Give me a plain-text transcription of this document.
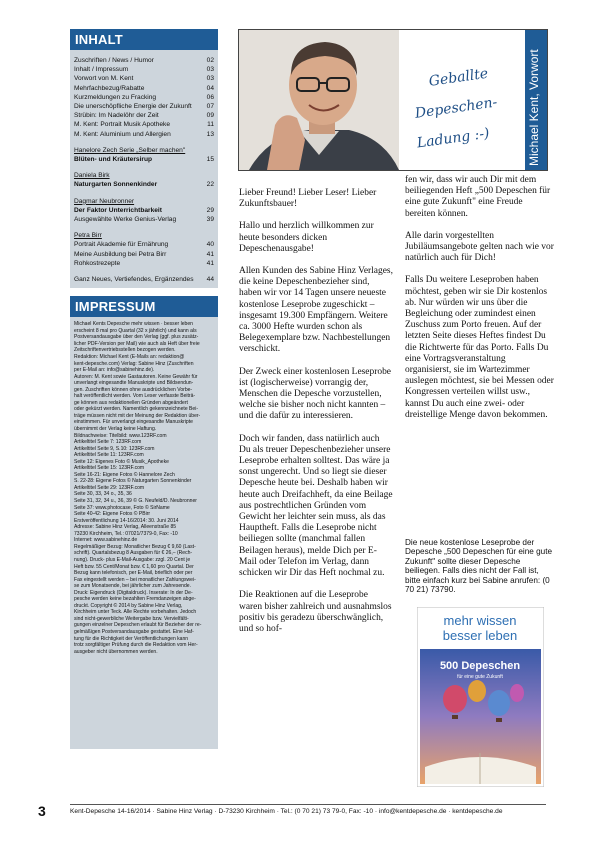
INHALT
Zuschriften / News / Humor	02
Inhalt / Impressum	03
Vorwort von M. Kent	03
Mehrfachbezug/Rabatte	04
Kurzmeldungen zu Fracking	06
Die unerschöpfliche Energie der Zukunft 07
Strübin: Im Nadelöhr der Zeit	09
M. Kent: Portrait Musik Apotheke	11
M. Kent: Aluminium und Allergien	13
Hanelore Zech Serie „Selber machen"
Blüten- und Kräutersirup	15
Daniela Birk
Naturgarten Sonnenkinder	22
Dagmar Neubronner
Der Faktor Unterrichtbarkeit	29
Ausgewählte Werke Genius-Verlag	39
Petra Birr
Portrait Akademie für Ernährung	40
Meine Ausbildung bei Petra Birr	41
Rohkostrezepte	41
Ganz Neues, Vertiefendes, Ergänzendes 44
IMPRESSUM

Michael Kents Depesche mehr wissen · besser leben

erscheint 8 mal pro Quartal (32 x jährlich) und kann als

Postversandausgabe über den Verlag (ggf. plus zusätz-

licher PDF-Version per Mail) wie auch als Heft über freie

Zeitschriftenvertriebsstellen bezogen werden.

Redaktion: Michael Kent (E-Mails an: redaktion@

kent-depesche.com) Verlag: Sabine Hinz (Zuschriften

per E-Mail an: info@sabinehinz.de).

Autoren: M. Kent sowie Gastautoren. Keine Gewähr für

unverlangt eingesandte Manuskripte und Bildsendun-

gen. Zuschriften können ohne ausdrücklichen Vorbe-

halt veröffentlicht werden. Vom Leser verfasste Beiträ-

ge können aus redaktionellen Gründen abgeändert

oder gekürzt werden. Namentlich gekennzeichnete Bei-

träge müssen nicht mit der Meinung der Redaktion über-

einstimmen. Für unverlangt eingesandte Manuskripte

übernimmt der Verlag keine Haftung.

Bildnachweise: Titelbild: www.123RF.com

Artikeltitel Seite 7: 123RF.com

Artikeltitel Seite 9, S.10: 123RF.com

Artikeltitel Seite 11: 123RF.com

Seite 12: Eigenes Foto © Musik_Apotheke

Artikeltitel Seite 15: 123RF.com

Seite 16-21: Eigene Fotos © Hannelore Zech

S. 22-28: Eigene Fotos © Naturgarten Sonnenkinder

Artikeltitel Seite 29: 123RF.com

Seite 30, 33, 34 o., 35, 36

Seite 31, 32, 34 u., 36, 39 © G. Neufeld/D. Neubronner

Seite 37: www.photocase, Foto © SirName

Seite 40-42: Eigene Fotos © PBirr

Erstveröffentlichung 14-16/2014: 30. Juni 2014

Adresse: Sabine Hinz Verlag, Alleenstraße 85

73230 Kirchheim, Tel.: 07021/7379-0, Fax: -10

Internet: www.sabinehinz.de

Regelmäßiger Bezug: Monatlicher Bezug € 9,60 (Last-

schrift). Quartalsbezug 8 Ausgaben für € 26,– (Rech-

nung). Druck- plus E-Mail-Ausgabe: zzgl. 20 Cent je

Heft bzw. 55 Cent/Monat bzw. € 1,60 pro Quartal. Der

Bezug kann telefonisch, per E-Mail, brieflich oder per

Fax eingestellt werden – bei monatlicher Zahlungswei-

se zum Monatsende, bei jährlicher zum Jahresende.

Druck: Eigendruck (Digitaldruck). Inserate: In der De-

pesche werden keine bezahlten Fremdanzeigen abge-

druckt. Copyright © 2014 by Sabine Hinz Verlag,

Kirchheim unter Teck. Alle Rechte vorbehalten. Jedoch

sind nicht-gewerbliche Weitergabe bzw. Vervielfälti-

gungen einzelner Depeschen erlaubt für Bezieher der re-

gelmäßigen Postversandausgabe gestattet. Eine Haf-

tung für die Richtigkeit der Veröffentlichungen kann

trotz sorgfältiger Prüfung durch die Redaktion vom Her-

ausgeber nicht übernommen werden.

Geballte
Depeschen-
Ladung :-)	Michael Kent, Vorwort

Lieber Freund! Lieber Leser! Lieber Zukunftsbauer!

Hallo und herzlich willkommen zur heute besonders dicken Depeschenausgabe!

Allen Kunden des Sabine Hinz Verlages, die keine Depeschenbezieher sind, haben wir vor 14 Tagen unsere neueste kostenlose Leseprobe zugeschickt – insgesamt 19.300 Empfängern. Weitere ca. 3000 Hefte wurden schon als Belegexemplare bzw. Nachbestellungen verschickt.

Der Zweck einer kostenlosen Leseprobe ist (logischerweise) vorrangig der, Menschen die Depesche vorzustellen, welche sie bisher noch nicht kannten – und die dafür zu interessieren.

Doch wir fanden, dass natürlich auch Du als treuer Depeschenbezieher unsere Leseprobe erhalten solltest. Das wäre ja sonst ungerecht. Und so liegt sie dieser Depesche heute bei. Deshalb haben wir heute auch Dreifachheft, da eine Beilage aus postrechtlichen Gründen vom Gewicht her leichter sein muss, als das Hauptheft. Falls die Leseprobe nicht beiliegen sollte (manchmal fallen Beilagen heraus), melde Dich per E-Mail oder Telefon im Verlag, dann schicken wir Dir das Heft nochmal zu.

Die Reaktionen auf die Leseprobe waren bisher zahlreich und ausnahmslos positiv bis geradezu überschwänglich, und so hof-

fen wir, dass wir auch Dir mit dem beiliegenden Heft „500 Depeschen für eine gute Zukunft" eine Freude bereiten können.

Alle darin vorgestellten Jubiläumsangebote gelten nach wie vor natürlich auch für Dich!

Falls Du weitere Leseproben haben möchtest, geben wir sie Dir kostenlos ab. Nur würden wir uns über die Begleichung oder zumindest einen Zuschuss zum Porto freuen. Auf der letzten Seite dieses Heftes findest Du die Richtwerte für das Porto. Falls Du eine Vortragsveranstaltung organisierst, sie im Wartezimmer auslegen möchtest, sie bei Messen oder Kongressen verteilen willst usw., kannst Du auch eine zwei- oder dreistellige Menge davon bekommen.

Die neue kostenlose Leseprobe der Depesche „500 Depeschen für eine gute Zukunft" sollte dieser Depesche beiliegen. Falls dies nicht der Fall ist, bitte einfach kurz bei Sabine anrufen: (0 70 21) 73790.
mehr wissen
besser leben
500 Depeschen
für eine gute Zukunft
3	Kent-Depesche 14-16/2014 · Sabine Hinz Verlag · D-73230 Kirchheim · Tel.: (0 70 21) 73 79-0, Fax: -10 · info@kentdepesche.de · kentdepesche.de
